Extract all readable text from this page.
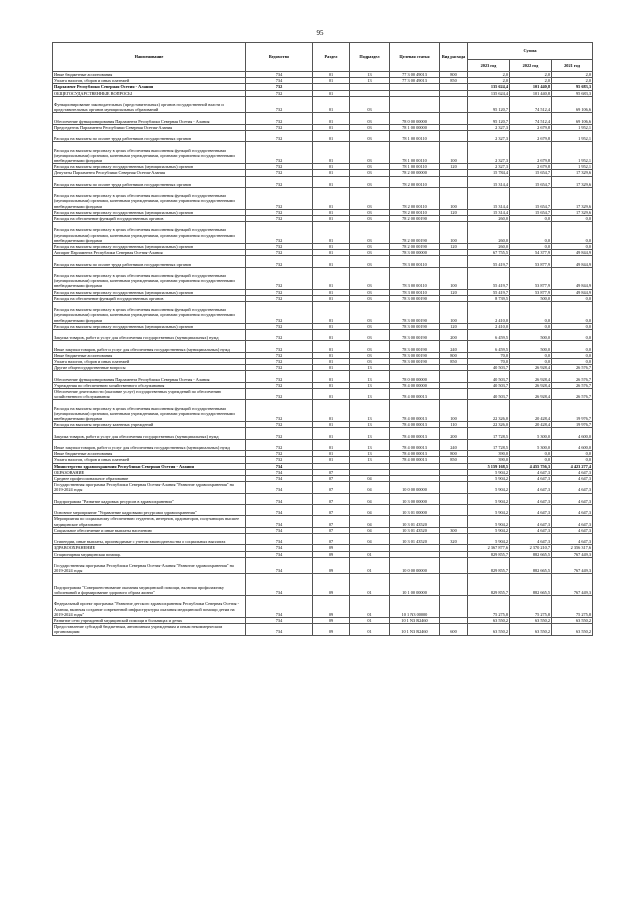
95
Наименование	Ведомство	Раздел	Подраздел	Целевая статья	Вид расхода	Сумма		
						2023 год	2022 год	2021 год
Иные бюджетные ассигнования	734	01	13	77 3 00 49013	800	2,0	2,0	2,0
Уплата налогов, сборов и иных платежей	734	01	13	77 3 00 49013	850	2,0	2,0	2,0
Парламент Республики Северная Осетия - Алания	732					135 624,4	101 440,8	95 683,3
ОБЩЕГОСУДАРСТВЕННЫЕ ВОПРОСЫ	732	01				135 624,4	101 440,8	95 683,3
Функционирование законодательных (представительных) органов государственной власти и представительных органов муниципальных образований	732	01	03			95 120,7	74 512,4	69 106,6
Обеспечение функционирования Парламента Республики Северная Осетия - Алания	732	01	03	78 0 00 00000		95 120,7	74 512,4	69 106,6
Председатель Парламента Республики Северная Осетия-Алания	732	01	03	78 1 00 00000		2 327,3	2 679,8	1 952,1
Расходы на выплаты по оплате труда работников государственных органов	732	01	03	78 1 00 00110		2 327,3	2 679,8	1 952,1
Расходы на выплаты персоналу в целях обеспечения выполнения функций государственными (муниципальными) органами, казенными учреждениями, органами управления государственными внебюджетными фондами	732	01	03	78 1 00 00110	100	2 327,3	2 679,8	1 952,1
Расходы на выплаты персоналу государственных (муниципальных) органов	732	01	03	78 1 00 00110	120	2 327,3	2 679,8	1 952,1
Депутаты Парламента Республики Северная Осетия-Алания	732	01	03	78 2 00 00000		15 784,4	15 654,7	17 329,6
Расходы на выплаты по оплате труда работников государственных органов	732	01	03	78 2 00 00110		15 314,4	15 654,7	17 329,6
Расходы на выплаты персоналу в целях обеспечения выполнения функций государственными (муниципальными) органами, казенными учреждениями, органами управления государственными внебюджетными фондами	732	01	03	78 2 00 00110	100	15 314,4	15 654,7	17 329,6
Расходы на выплаты персоналу государственных (муниципальных) органов	732	01	03	78 2 00 00110	120	15 314,4	15 654,7	17 329,6
Расходы на обеспечение функций государственных органов	732	01	03	78 2 00 00190		260,0	0,0	0,0
Расходы на выплаты персоналу в целях обеспечения выполнения функций государственными (муниципальными) органами, казенными учреждениями, органами управления государственными внебюджетными фондами	732	01	03	78 2 00 00190	100	260,0	0,0	0,0
Расходы на выплаты персоналу государственных (муниципальных) органов	732	01	03	78 2 00 00190	120	260,0	0,0	0,0
Аппарат Парламента Республики Северная Осетия-Алания	732	01	03	78 3 00 00000		67 755,5	54 377,9	49 844,9
Расходы на выплаты по оплате труда работников государственных органов	732	01	03	78 3 00 00110		55 419,7	53 877,9	49 844,9
Расходы на выплаты персоналу в целях обеспечения выполнения функций государственными (муниципальными) органами, казенными учреждениями, органами управления государственными внебюджетными фондами	732	01	03	78 3 00 00110	100	55 419,7	53 877,9	49 844,9
Расходы на выплаты персоналу государственных (муниципальных) органов	732	01	03	78 3 00 00110	120	55 419,7	53 877,9	49 844,9
Расходы на обеспечение функций государственных органов	732	01	03	78 3 00 00190		8 739,5	500,0	0,0
Расходы на выплаты персоналу в целях обеспечения выполнения функций государственными (муниципальными) органами, казенными учреждениями, органами управления государственными внебюджетными фондами	732	01	03	78 3 00 00190	100	2 410,0	0,0	0,0
Расходы на выплаты персоналу государственных (муниципальных) органов	732	01	03	78 3 00 00190	120	2 410,0	0,0	0,0
Закупка товаров, работ и услуг для обеспечения государственных (муниципальных) нужд	732	01	03	78 3 00 00190	200	6 459,5	500,0	0,0
Иные закупки товаров, работ и услуг для обеспечения государственных (муниципальных) нужд	732	01	03	78 3 00 00190	240	6 459,5	500,0	0,0
Иные бюджетные ассигнования	732	01	03	78 3 00 00190	800	70,0	0,0	0,0
Уплата налогов, сборов и иных платежей	732	01	03	78 3 00 00190	850	70,0	0,0	0,0
Другие общегосударственные вопросы	732	01	13			40 503,7	26 928,4	26 576,7
Обеспечение функционирования Парламента Республики Северная Осетия - Алания	732	01	13	78 0 00 00000		40 503,7	26 928,4	26 576,7
Учреждения по обеспечению хозяйственного обслуживания	732	01	13	78 4 00 00000		40 503,7	26 928,4	26 576,7
Обеспечение деятельности (оказание услуг) государственных учреждений по обеспечению хозяйственного обслуживания	732	01	13	78 4 00 00013		40 503,7	26 928,4	26 576,7
Расходы на выплаты персоналу в целях обеспечения выполнения функций государственными (муниципальными) органами, казенными учреждениями, органами управления государственными внебюджетными фондами	732	01	13	78 4 00 00013	100	22 326,0	20 428,4	19 976,7
Расходы на выплаты персоналу казенных учреждений	732	01	13	78 4 00 00013	110	22 326,0	20 428,4	19 976,7
Закупка товаров, работ и услуг для обеспечения государственных (муниципальных) нужд	732	01	13	78 4 00 00013	200	17 728,5	5 300,0	4 600,0
Иные закупки товаров, работ и услуг для обеспечения государственных (муниципальных) нужд	732	01	13	78 4 00 00013	240	17 728,5	5 300,0	4 600,0
Иные бюджетные ассигнования	732	01	13	78 4 00 00013	800	390,0	0,0	0,0
Уплата налогов, сборов и иных платежей	732	01	13	78 4 00 00013	850	390,0	0,0	0,0
Министерство здравоохранения Республики Северная Осетия - Алания	734					5 159 168,5	4 455 756,3	4 423 277,4
ОБРАЗОВАНИЕ	734	07				5 904,2	4 647,3	4 647,3
Среднее профессиональное образование	734	07	04			5 904,2	4 647,3	4 647,3
Государственная программа Республики Северная Осетия-Алания "Развитие здравоохранения" на 2019-2024 годы	734	07	04	10 0 00 00000		5 904,2	4 647,3	4 647,3
Подпрограмма "Развитие кадровых ресурсов в здравоохранении"	734	07	04	10 3 00 00000		5 904,2	4 647,3	4 647,3
Основное мероприятие "Управление кадровыми ресурсами здравоохранения"	734	07	04	10 3 01 00000		5 904,2	4 647,3	4 647,3
Мероприятия по социальному обеспечению студентов, интернов, ординаторов, получающих высшее медицинское образование	734	07	04	10 3 01 43520		5 904,2	4 647,3	4 647,3
Социальное обеспечение и иные выплаты населению	734	07	04	10 3 01 43520	300	5 904,2	4 647,3	4 647,3
Стипендии, иные выплаты, производимые с учетом законодательства о социальных выплатах	734	07	04	10 3 01 43520	320	5 904,2	4 647,3	4 647,3
ЗДРАВООХРАНЕНИЕ	734	09				2 367 877,6	2 370 210,7	2 356 317,6
Стационарная медицинская помощь	734	09	01			829 855,7	882 665,5	767 449,3
Государственная программа Республики Северная Осетия-Алания "Развитие здравоохранения" на 2019-2024 годы	734	09	01	10 0 00 00000		829 855,7	882 665,5	767 449,3
Подпрограмма "Совершенствование оказания медицинской помощи, включая профилактику заболеваний и формирование здорового образа жизни"	734	09	01	10 1 00 00000		829 855,7	882 665,5	767 449,3
Федеральный проект программа "Развитие детского здравоохранения Республики Северная Осетия - Алания, включая создание современной инфраструктуры оказания медицинской помощи детям на 2019-2024 годы"	734	09	01	10 1 N3 00000		75 275,8	75 275,8	75 275,8
Развитие сети учреждений медицинской помощи в больницах и детях	734	09	01	10 1 N3 R2460		63 550,2	63 550,2	63 550,2
Предоставление субсидий бюджетным, автономным учреждениям и иным некоммерческим организациям	734	09	01	10 1 N3 R2460	600	63 550,2	63 550,2	63 550,2
